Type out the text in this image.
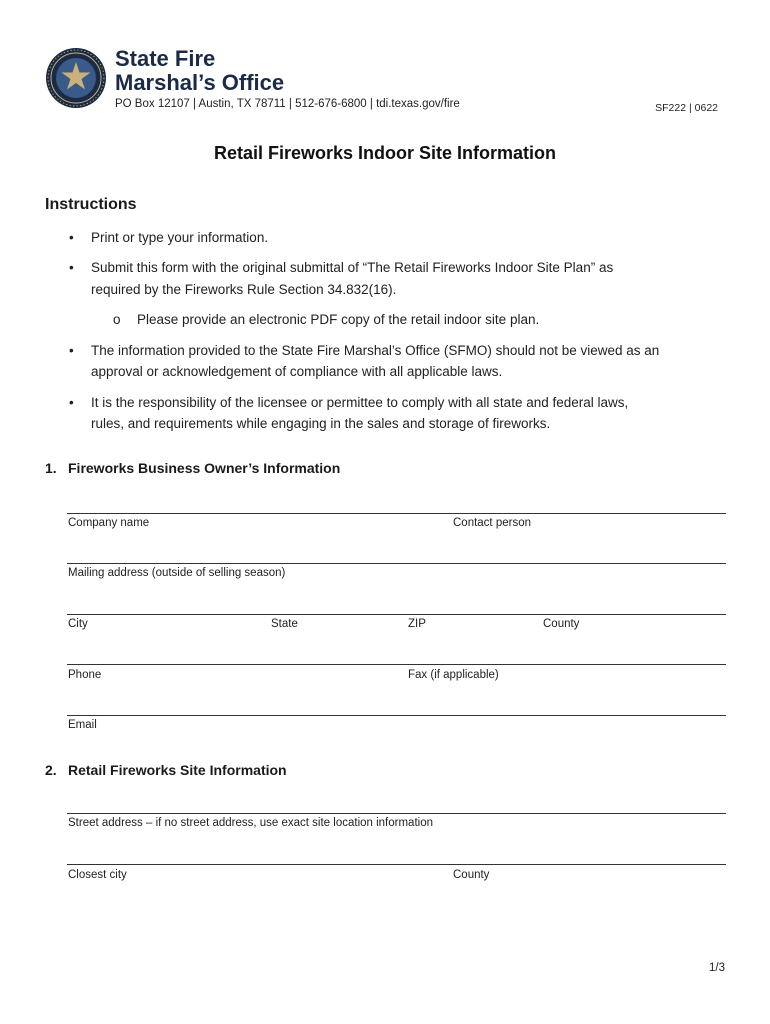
State Fire
Marshal’s Office
PO Box 12107 | Austin, TX 78711 | 512-676-6800 | tdi.texas.gov/fire	SF222 | 0622
Retail Fireworks Indoor Site Information
Instructions
• Print or type your information.
• Submit this form with the original submittal of “The Retail Fireworks Indoor Site Plan” as
required by the Fireworks Rule Section 34.832(16).
o Please provide an electronic PDF copy of the retail indoor site plan.
• The information provided to the State Fire Marshal’s Office (SFMO) should not be viewed as an
approval or acknowledgement of compliance with all applicable laws.
• It is the responsibility of the licensee or permittee to comply with all state and federal laws,
rules, and requirements while engaging in the sales and storage of fireworks.
1. Fireworks Business Owner’s Information
Company name	Contact person
Mailing address (outside of selling season)
City	State	ZIP	County
Phone	Fax (if applicable)
Email
2. Retail Fireworks Site Information
Street address – if no street address, use exact site location information
Closest city	County
1/3
